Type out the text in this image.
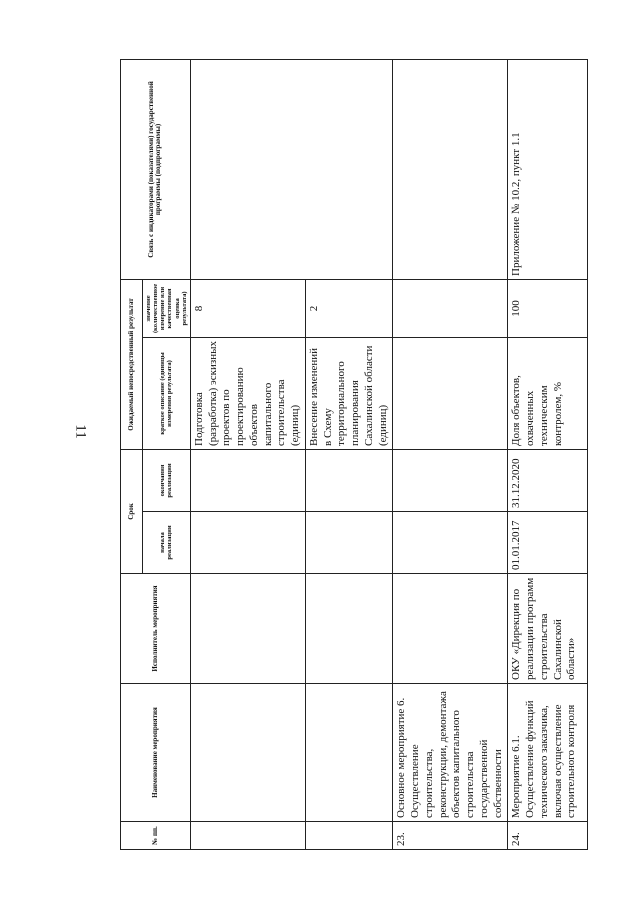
11
№ пп.	Наименование мероприятия	Исполнитель мероприятия	Срок		Ожидаемый непосредственный результат		Связь с индикаторами (показателями) государственной программы (подпрограммы)
			начала реализации	окончания реализации	краткое описание (единицы измерения результата)	значение (количественное измерение или качественная оценка результата)	
					Подготовка (разработка) эскизных проектов по проектированию объектов капитального строительства (единиц)	8	
					Внесение изменений в Схему территориального планирования Сахалинской области (единиц)	2	
23.	Основное мероприятие 6. Осуществление строительства, реконструкции, демонтажа объектов капитального строительства государственной собственности						
24.	Мероприятие 6.1. Осуществление функций технического заказчика, включая осуществление строительного контроля	ОКУ «Дирекция по реализации программ строительства Сахалинской области»	01.01.2017	31.12.2020	Доля объектов, охваченных техническим контролем, %	100	Приложение № 10.2, пункт 1.1
